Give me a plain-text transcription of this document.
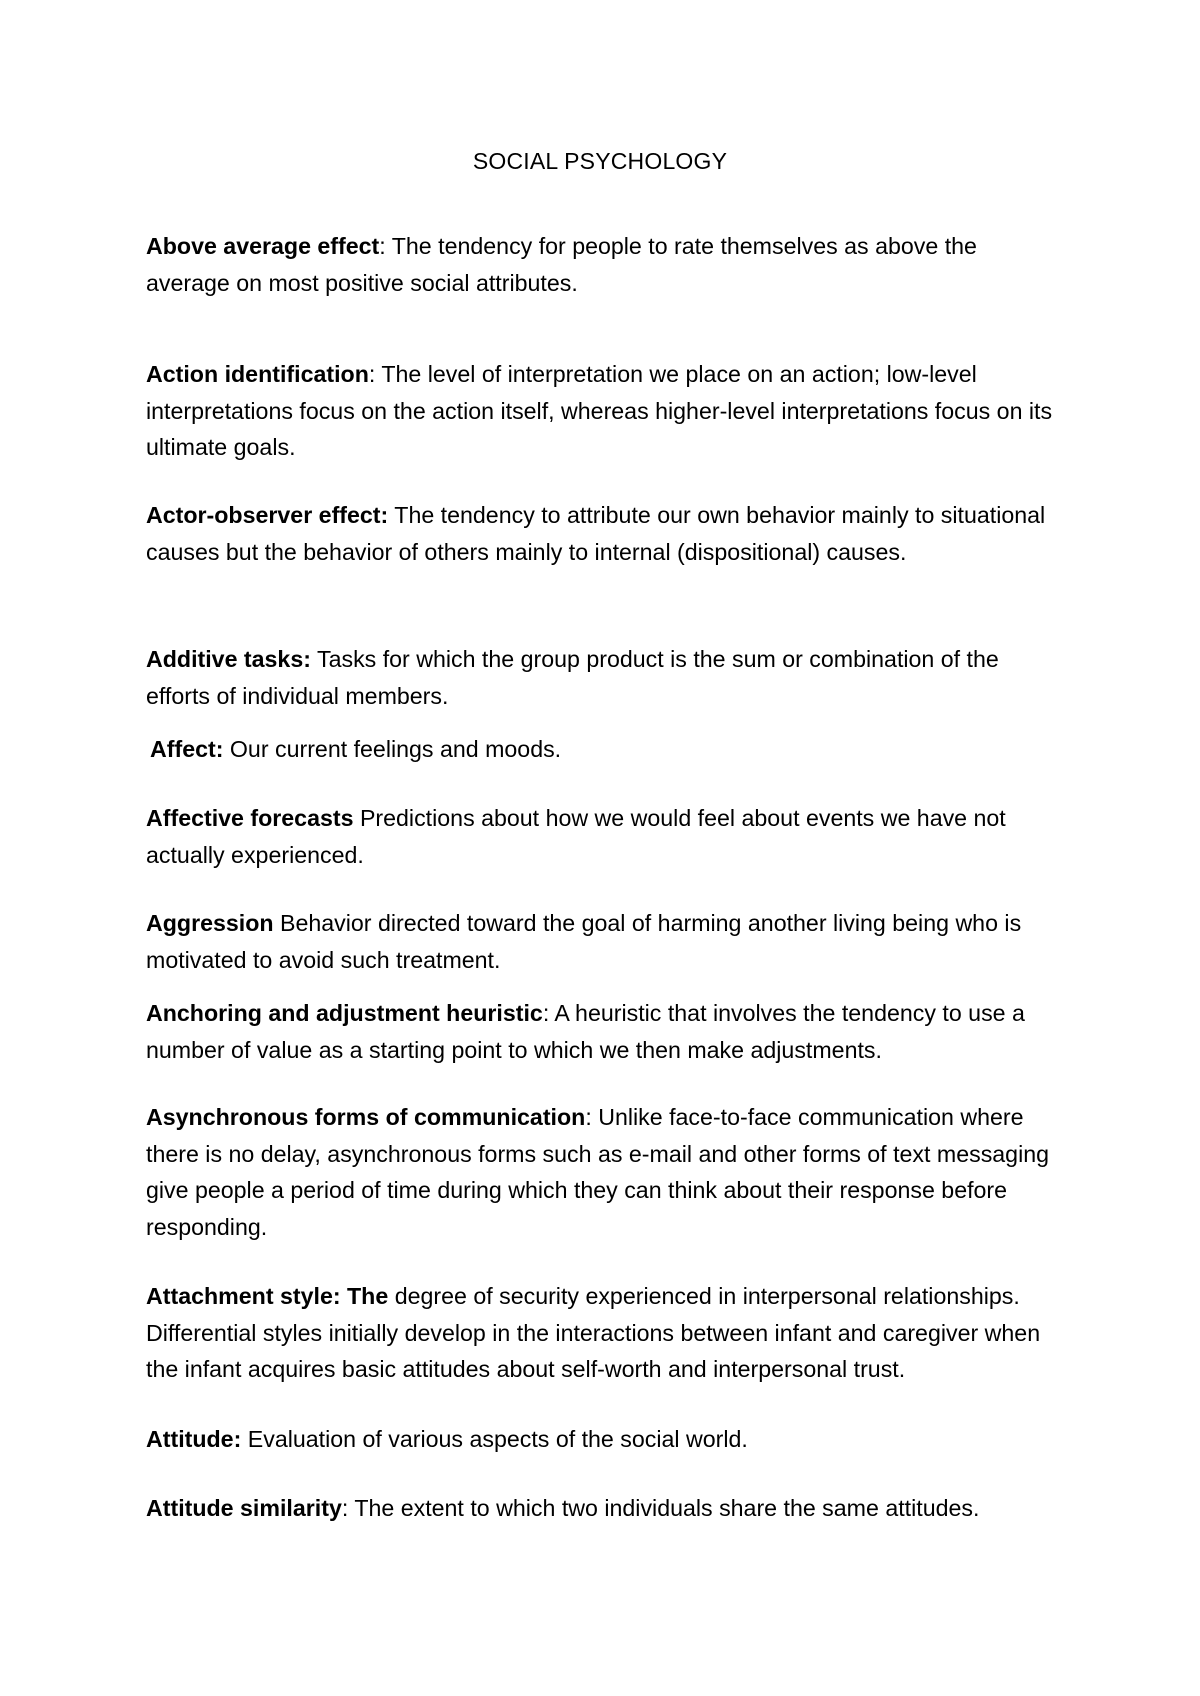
SOCIAL PSYCHOLOGY

Above average effect: The tendency for people to rate themselves as above the average on most positive social attributes.

Action identification: The level of interpretation we place on an action; low-level interpretations focus on the action itself, whereas higher-level interpretations focus on its ultimate goals.

Actor-observer effect: The tendency to attribute our own behavior mainly to situational causes but the behavior of others mainly to internal (dispositional) causes.

Additive tasks: Tasks for which the group product is the sum or combination of the efforts of individual members.

Affect: Our current feelings and moods.

Affective forecasts Predictions about how we would feel about events we have not actually experienced.

Aggression Behavior directed toward the goal of harming another living being who is motivated to avoid such treatment.

Anchoring and adjustment heuristic: A heuristic that involves the tendency to use a number of value as a starting point to which we then make adjustments.

Asynchronous forms of communication: Unlike face-to-face communication where there is no delay, asynchronous forms such as e-mail and other forms of text messaging give people a period of time during which they can think about their response before responding.

Attachment style: The degree of security experienced in interpersonal relationships. Differential styles initially develop in the interactions between infant and caregiver when the infant acquires basic attitudes about self-worth and interpersonal trust.

Attitude: Evaluation of various aspects of the social world.

Attitude similarity: The extent to which two individuals share the same attitudes.
